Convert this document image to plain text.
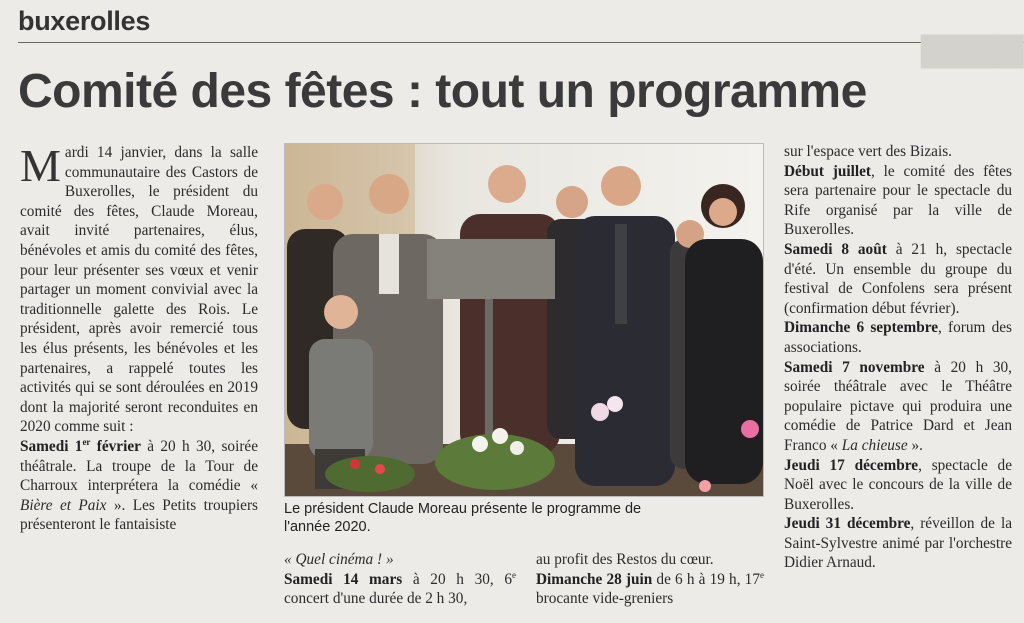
buxerolles
▇▇▇▇
Comité des fêtes : tout un programme

Mardi 14 janvier, dans la salle communautaire des Castors de Buxerolles, le président du comité des fêtes, Claude Moreau, avait invité partenaires, élus, bénévoles et amis du comité des fêtes, pour leur présenter ses vœux et venir partager un moment convivial avec la traditionnelle galette des Rois. Le président, après avoir remercié tous les élus présents, les bénévoles et les partenaires, a rappelé toutes les activités qui se sont déroulées en 2019 dont la majorité seront reconduites en 2020 comme suit :

Samedi 1er février à 20 h 30, soirée théâtrale. La troupe de la Tour de Charroux interprétera la comédie « Bière et Paix ». Les Petits troupiers présenteront le fantaisiste

Le président Claude Moreau présente le programme de l'année 2020.

« Quel cinéma ! »

Samedi 14 mars à 20 h 30, 6e concert d'une durée de 2 h 30,

au profit des Restos du cœur.

Dimanche 28 juin de 6 h à 19 h, 17e brocante vide-greniers

sur l'espace vert des Bizais.

Début juillet, le comité des fêtes sera partenaire pour le spectacle du Rife organisé par la ville de Buxerolles.

Samedi 8 août à 21 h, spectacle d'été. Un ensemble du groupe du festival de Confolens sera présent (confirmation début février).

Dimanche 6 septembre, forum des associations.

Samedi 7 novembre à 20 h 30, soirée théâtrale avec le Théâtre populaire pictave qui produira une comédie de Patrice Dard et Jean Franco « La chieuse ».

Jeudi 17 décembre, spectacle de Noël avec le concours de la ville de Buxerolles.

Jeudi 31 décembre, réveillon de la Saint-Sylvestre animé par l'orchestre Didier Arnaud.
